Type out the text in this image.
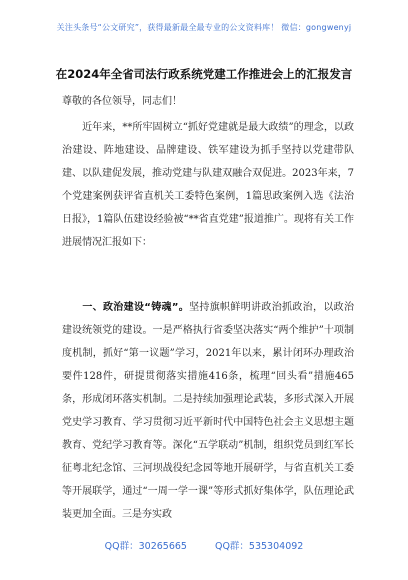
关注头条号“公文研究”，获得最新最全最专业的公文资料库！ 微信：gongwenyj
在2024年全省司法行政系统党建工作推进会上的汇报发言
尊敬的各位领导，同志们！
近年来，**所牢固树立“抓好党建就是最大政绩”的理念，以政治建设、阵地建设、品牌建设、铁军建设为抓手坚持以党建带队建、以队建促发展，推动党建与队建双融合双促进。2023年来，7个党建案例获评省直机关工委特色案例，1篇思政案例入选《法治日报》，1篇队伍建设经验被“**省直党建”报道推广。现将有关工作进展情况汇报如下：
一、政治建设“铸魂”。坚持旗帜鲜明讲政治抓政治，以政治建设统领党的建设。一是严格执行省委坚决落实“两个维护”十项制度机制，抓好“第一议题”学习，2021年以来，累计闭环办理政治要件128件，研提贯彻落实措施416条，梳理“回头看”措施465条，形成闭环落实机制。二是持续加强理论武装，多形式深入开展党史学习教育、学习贯彻习近平新时代中国特色社会主义思想主题教育、党纪学习教育等。深化“五学联动”机制，组织党员到红军长征粤北纪念馆、三河坝战役纪念园等地开展研学，与省直机关工委等开展联学，通过“一周一学一课”等形式抓好集体学，队伍理论武装更加全面。三是夯实政
QQ群：30265665	QQ群：535304092
